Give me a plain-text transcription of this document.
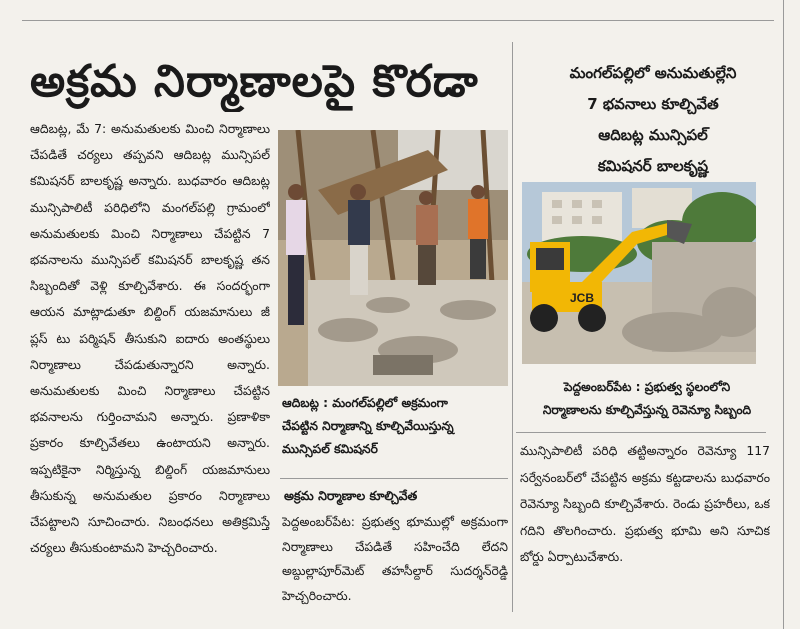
అక్రమ నిర్మాణాలపై కొరడా	మంగల్‌పల్లిలో అనుమతుల్లేని
7 భవనాలు కూల్చివేత
ఆదిబట్ల మున్సిపల్
కమిషనర్ బాలకృష్ణ

ఆదిబట్ల, మే 7: అనుమతులకు మించి నిర్మాణాలు చేపడితే చర్యలు తప్పవని ఆదిబట్ల మున్సిపల్ కమిషనర్ బాలకృష్ణ అన్నారు. బుధవారం ఆదిబట్ల మున్సిపాలిటీ పరిధిలోని మంగల్‌పల్లి గ్రామంలో అనుమతులకు మించి నిర్మాణాలు చేపట్టిన 7 భవనాలను మున్సిపల్ కమిషనర్ బాలకృష్ణ తన సిబ్బందితో వెళ్లి కూల్చివేశారు. ఈ సందర్భంగా ఆయన మాట్లాడుతూ బిల్డింగ్ యజమానులు జీ ప్లస్ టు పర్మిషన్ తీసుకుని ఐదారు అంతస్థులు నిర్మాణాలు చేపడుతున్నారని అన్నారు. అనుమతులకు మించి నిర్మాణాలు చేపట్టిన భవనాలను గుర్తించామని అన్నారు. ప్రణాళికా ప్రకారం కూల్చివేతలు ఉంటాయని అన్నారు. ఇప్పటికైనా నిర్మిస్తున్న బిల్డింగ్ యజమానులు తీసుకున్న అనుమతుల ప్రకారం నిర్మాణాలు చేపట్టాలని సూచించారు. నిబంధనలు అతిక్రమిస్తే చర్యలు తీసుకుంటామని హెచ్చరించారు.

ఆదిబట్ల : మంగల్‌పల్లిలో అక్రమంగా
చేపట్టిన నిర్మాణాన్ని కూల్చివేయిస్తున్న
మున్సిపల్ కమిషనర్
JCB
పెద్దఅంబర్‌పేట : ప్రభుత్వ స్థలంలోని
నిర్మాణాలను కూల్చివేస్తున్న రెవెన్యూ సిబ్బంది
అక్రమ నిర్మాణాల కూల్చివేత

పెద్దఅంబర్‌పేట: ప్రభుత్వ భూముల్లో అక్రమంగా నిర్మాణాలు చేపడితే సహించేది లేదని అబ్దుల్లాపూర్‌మెట్ తహసీల్దార్ సుదర్శన్‌రెడ్డి హెచ్చరించారు.

మున్సిపాలిటీ పరిధి తట్టిఅన్నారం రెవెన్యూ 117 సర్వేనంబర్‌లో చేపట్టిన అక్రమ కట్టడాలను బుధవారం రెవెన్యూ సిబ్బంది కూల్చివేశారు. రెండు ప్రహరీలు, ఒక గదిని తొలగించారు. ప్రభుత్వ భూమి అని సూచిక బోర్డు ఏర్పాటుచేశారు.
